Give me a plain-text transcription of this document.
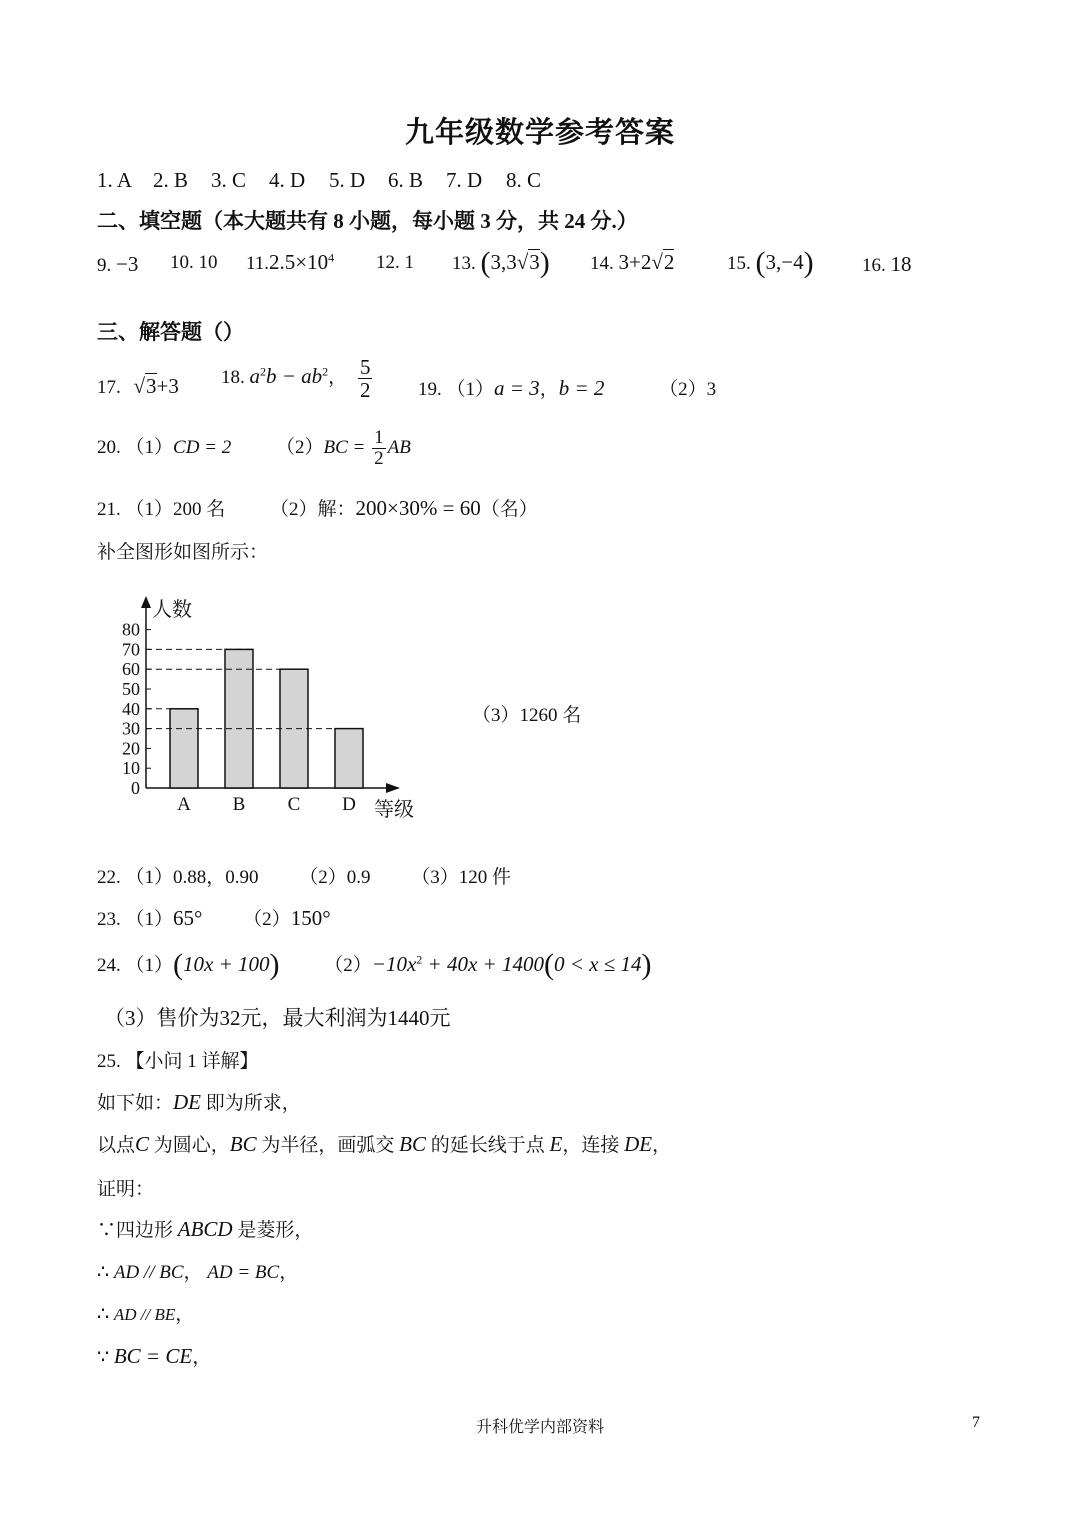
九年级数学参考答案
1. A 2. B 3. C 4. D 5. D 6. B 7. D 8. C
二、填空题（本大题共有 8 小题，每小题 3 分，共 24 分.）
9. −3 10. 10 $11.2.5\times 10^4$ 12. 1 13. (3,3√3) 14. 3+2√2	15. (3,−4)	16. 18
三、解答题（）
17. √3+3 18. $a^2b - ab^2$， $\frac{5}{2} 19$. （1）a = 3，b = 2	（2）3
20. （1）CD = 2 $(2)BC = \frac{1}{2}$ AB
21. （1）200 名 （2）解：200×30% = 60（名）
补全图形如图所示：
0
10
20
30
40
50
60
70
80
人数
等级
A B C D
（3）1260 名
22. （1）0.88，0.90 （2）0.9 （3）120 件
23. （1）65° （2）150°
24. （1）(10x + 100) $(2)-10x^2 + 40x + 1400(0 < x \le 14)$
（3）售价为32元，最大利润为1440元
25. 【小问 1 详解】
如下如：DE 即为所求，
以点C 为圆心，BC 为半径，画弧交 BC 的延长线于点 E，连接 DE，
证明：
∵四边形 ABCD 是菱形，
∴ AD // BC， AD = BC，
∴ AD // BE，
∵ BC = CE，
升科优学内部资料	7
